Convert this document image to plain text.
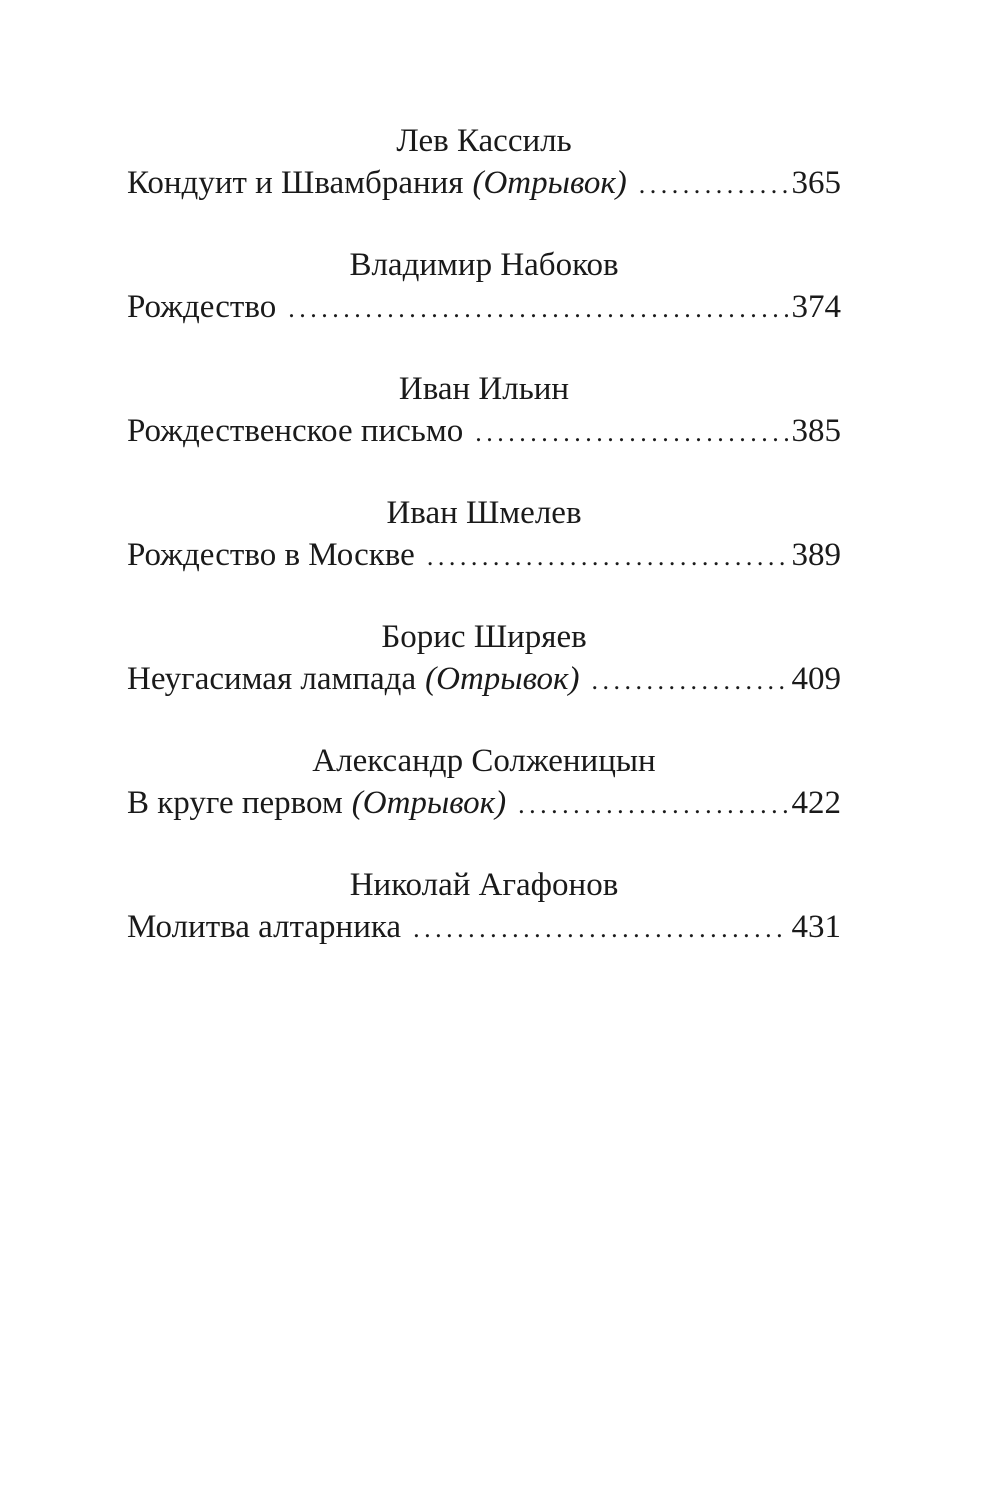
Лев Кассиль
Кондуит и Швамбрания (Отрывок) . . .	365
Владимир Набоков
Рождество . . .	374
Иван Ильин
Рождественское письмо . . .	385
Иван Шмелев
Рождество в Москве . . .	389
Борис Ширяев
Неугасимая лампада (Отрывок) . . .	409
Александр Солженицын
В круге первом (Отрывок) . . .	422
Николай Агафонов
Молитва алтарника . . .	431
